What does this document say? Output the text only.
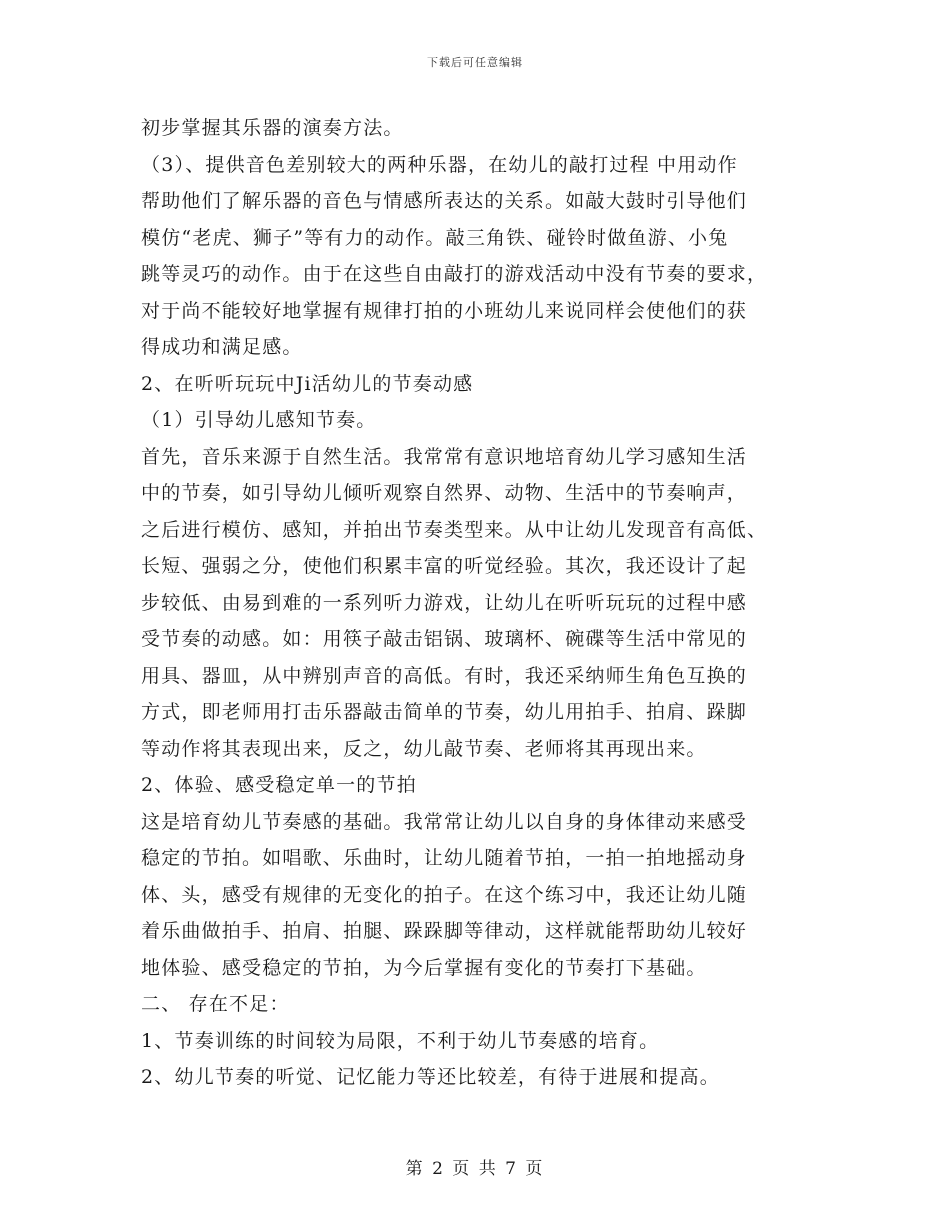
下载后可任意编辑
初步掌握其乐器的演奏方法。
（3）、提供音色差别较大的两种乐器，在幼儿的敲打过程 中用动作
帮助他们了解乐器的音色与情感所表达的关系。如敲大鼓时引导他们
模仿“老虎、狮子”等有力的动作。敲三角铁、碰铃时做鱼游、小兔
跳等灵巧的动作。由于在这些自由敲打的游戏活动中没有节奏的要求，
对于尚不能较好地掌握有规律打拍的小班幼儿来说同样会使他们的获
得成功和满足感。
2、在听听玩玩中Ji活幼儿的节奏动感
（1）引导幼儿感知节奏。
首先，音乐来源于自然生活。我常常有意识地培育幼儿学习感知生活
中的节奏，如引导幼儿倾听观察自然界、动物、生活中的节奏响声，
之后进行模仿、感知，并拍出节奏类型来。从中让幼儿发现音有高低、
长短、强弱之分，使他们积累丰富的听觉经验。其次，我还设计了起
步较低、由易到难的一系列听力游戏，让幼儿在听听玩玩的过程中感
受节奏的动感。如：用筷子敲击铝锅、玻璃杯、碗碟等生活中常见的
用具、器皿，从中辨别声音的高低。有时，我还采纳师生角色互换的
方式，即老师用打击乐器敲击简单的节奏，幼儿用拍手、拍肩、跺脚
等动作将其表现出来，反之，幼儿敲节奏、老师将其再现出来。
2、体验、感受稳定单一的节拍
这是培育幼儿节奏感的基础。我常常让幼儿以自身的身体律动来感受
稳定的节拍。如唱歌、乐曲时，让幼儿随着节拍，一拍一拍地摇动身
体、头，感受有规律的无变化的拍子。在这个练习中，我还让幼儿随
着乐曲做拍手、拍肩、拍腿、跺跺脚等律动，这样就能帮助幼儿较好
地体验、感受稳定的节拍，为今后掌握有变化的节奏打下基础。
二、 存在不足：
1、节奏训练的时间较为局限，不利于幼儿节奏感的培育。
2、幼儿节奏的听觉、记忆能力等还比较差，有待于进展和提高。
第 2 页 共 7 页
